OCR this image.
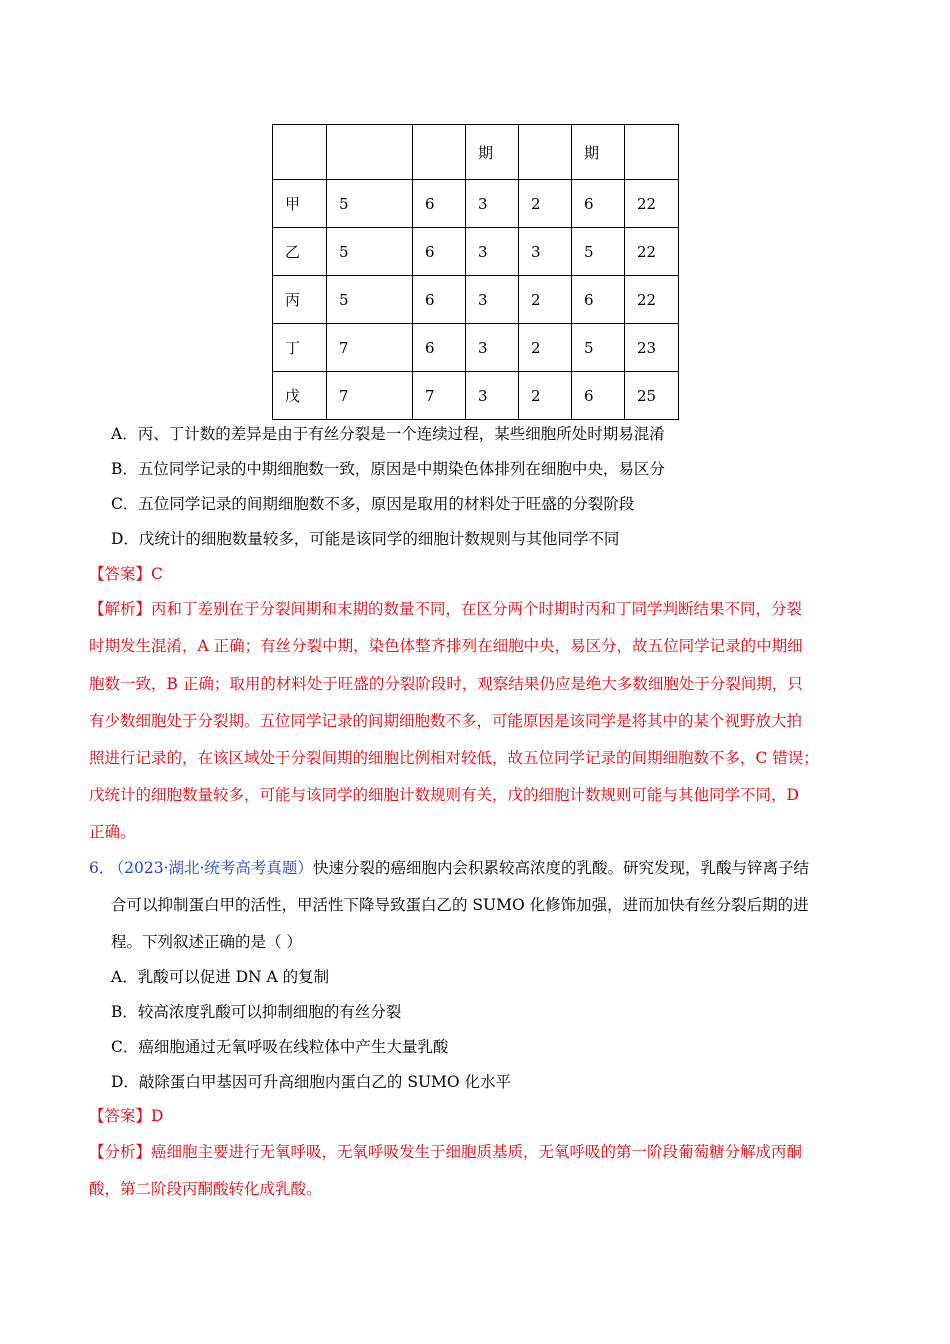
			期		期	
甲	5	6	3	2	6	22
乙	5	6	3	3	5	22
丙	5	6	3	2	6	22
丁	7	6	3	2	5	23
戊	7	7	3	2	6	25
A．丙、丁计数的差异是由于有丝分裂是一个连续过程，某些细胞所处时期易混淆
B．五位同学记录的中期细胞数一致，原因是中期染色体排列在细胞中央，易区分
C．五位同学记录的间期细胞数不多，原因是取用的材料处于旺盛的分裂阶段
D．戊统计的细胞数量较多，可能是该同学的细胞计数规则与其他同学不同
【答案】C
【解析】丙和丁差别在于分裂间期和末期的数量不同，在区分两个时期时丙和丁同学判断结果不同，分裂
时期发生混淆，A 正确；有丝分裂中期，染色体整齐排列在细胞中央，易区分，故五位同学记录的中期细
胞数一致，B 正确；取用的材料处于旺盛的分裂阶段时，观察结果仍应是绝大多数细胞处于分裂间期，只
有少数细胞处于分裂期。五位同学记录的间期细胞数不多，可能原因是该同学是将其中的某个视野放大拍
照进行记录的，在该区域处于分裂间期的细胞比例相对较低，故五位同学记录的间期细胞数不多，C 错误；
戊统计的细胞数量较多，可能与该同学的细胞计数规则有关，戊的细胞计数规则可能与其他同学不同，D
正确。
6． （2023·湖北·统考高考真题）快速分裂的癌细胞内会积累较高浓度的乳酸。研究发现，乳酸与锌离子结
合可以抑制蛋白甲的活性，甲活性下降导致蛋白乙的 SUMO 化修饰加强，进而加快有丝分裂后期的进
程。下列叙述正确的是（ ）
A．乳酸可以促进 DN A 的复制
B．较高浓度乳酸可以抑制细胞的有丝分裂
C．癌细胞通过无氧呼吸在线粒体中产生大量乳酸
D．敲除蛋白甲基因可升高细胞内蛋白乙的 SUMO 化水平
【答案】D
【分析】癌细胞主要进行无氧呼吸，无氧呼吸发生于细胞质基质，无氧呼吸的第一阶段葡萄糖分解成丙酮
酸，第二阶段丙酮酸转化成乳酸。
